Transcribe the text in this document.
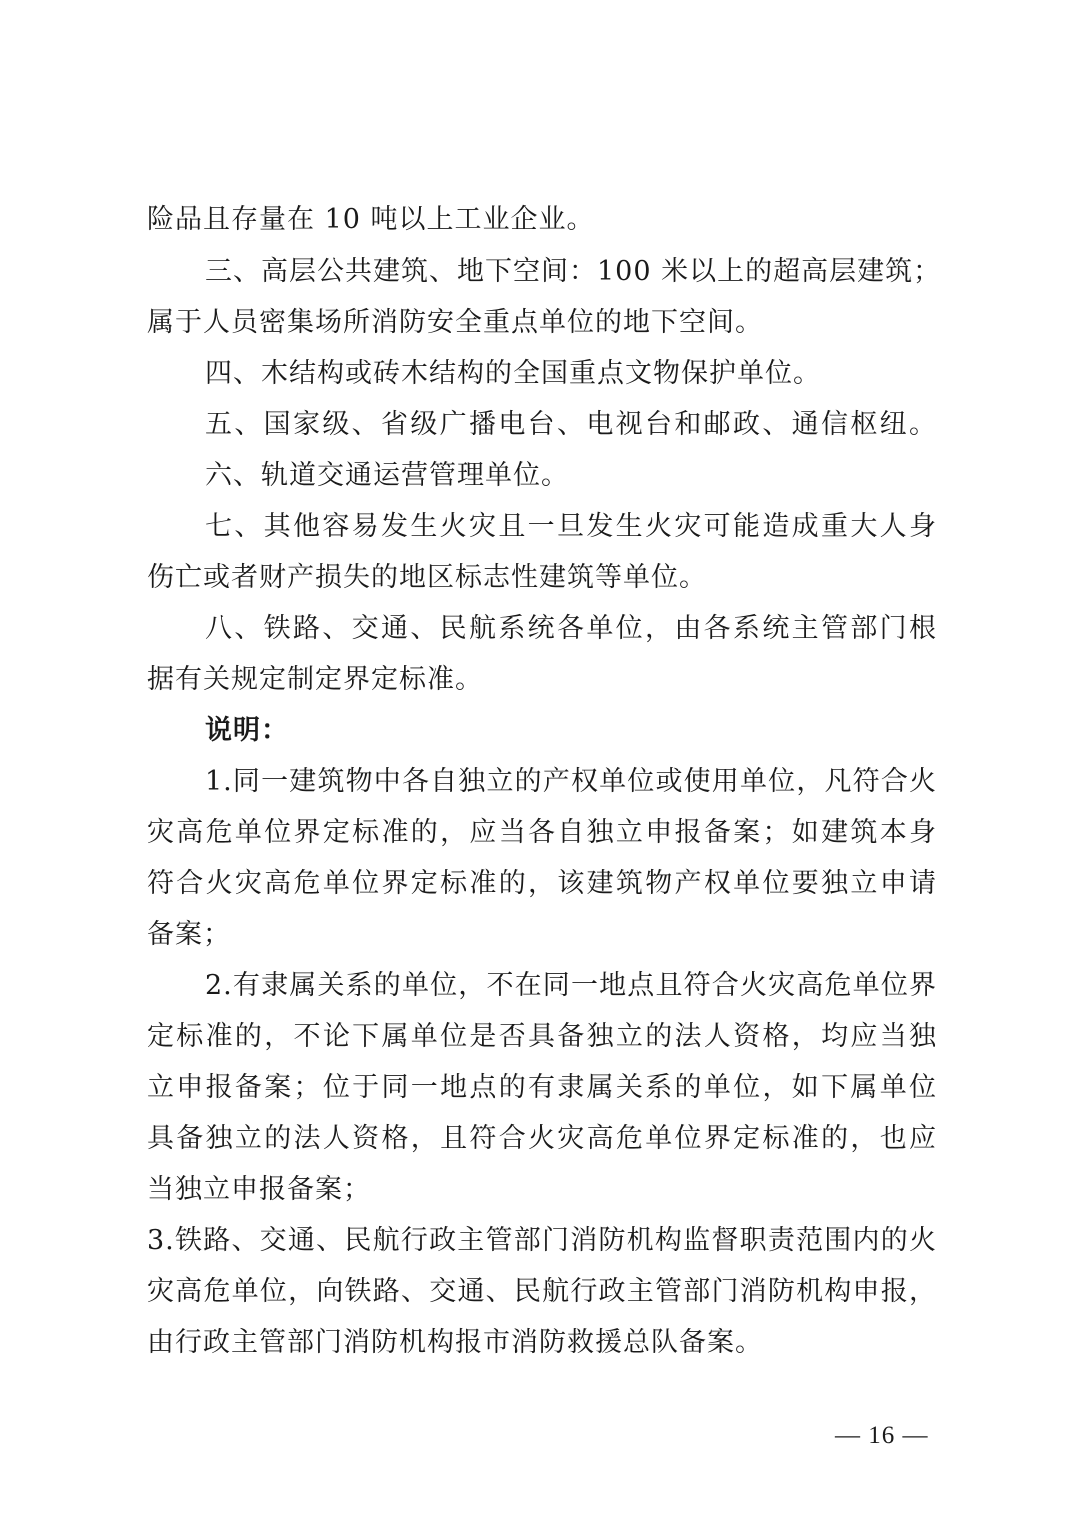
险品且存量在 10 吨以上工业企业。
三、高层公共建筑、地下空间：100 米以上的超高层建筑；
属于人员密集场所消防安全重点单位的地下空间。
四、木结构或砖木结构的全国重点文物保护单位。
五、国家级、省级广播电台、电视台和邮政、通信枢纽。
六、轨道交通运营管理单位。
七、其他容易发生火灾且一旦发生火灾可能造成重大人身
伤亡或者财产损失的地区标志性建筑等单位。
八、铁路、交通、民航系统各单位，由各系统主管部门根
据有关规定制定界定标准。
说明：
1.同一建筑物中各自独立的产权单位或使用单位，凡符合火
灾高危单位界定标准的，应当各自独立申报备案；如建筑本身
符合火灾高危单位界定标准的，该建筑物产权单位要独立申请
备案；
2.有隶属关系的单位，不在同一地点且符合火灾高危单位界
定标准的，不论下属单位是否具备独立的法人资格，均应当独
立申报备案；位于同一地点的有隶属关系的单位，如下属单位
具备独立的法人资格，且符合火灾高危单位界定标准的，也应
当独立申报备案；
3.铁路、交通、民航行政主管部门消防机构监督职责范围内的火
灾高危单位，向铁路、交通、民航行政主管部门消防机构申报，
由行政主管部门消防机构报市消防救援总队备案。
— 16 —
